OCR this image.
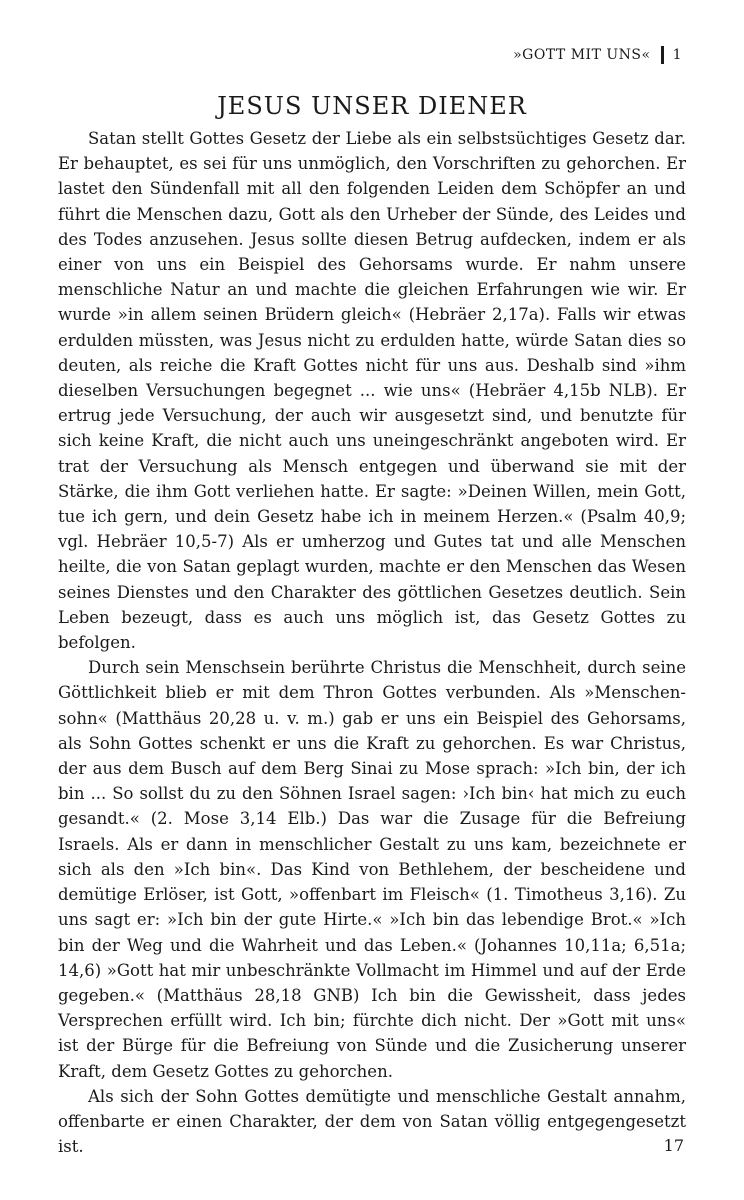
»GOTT MIT UNS« 1
JESUS UNSER DIENER

Satan stellt Gottes Gesetz der Liebe als ein selbstsüchtiges Gesetz dar. Er behauptet, es sei für uns unmöglich, den Vorschriften zu gehorchen. Er lastet den Sündenfall mit all den folgenden Leiden dem Schöpfer an und führt die Menschen dazu, Gott als den Urheber der Sünde, des Leides und des Todes anzusehen. Jesus sollte diesen Betrug aufdecken, indem er als einer von uns ein Beispiel des Gehorsams wurde. Er nahm unsere menschliche Natur an und machte die gleichen Erfahrungen wie wir. Er wurde »in allem seinen Brüdern gleich« (Hebräer 2,17a). Falls wir etwas erdulden müssten, was Jesus nicht zu erdulden hatte, würde Satan dies so deuten, als reiche die Kraft Gottes nicht für uns aus. Deshalb sind »ihm dieselben Versuchungen begegnet ... wie uns« (Hebräer 4,15b NLB). Er ertrug jede Versuchung, der auch wir ausgesetzt sind, und benutzte für sich keine Kraft, die nicht auch uns uneingeschränkt angeboten wird. Er trat der Versuchung als Mensch entgegen und überwand sie mit der Stärke, die ihm Gott verliehen hatte. Er sagte: »Deinen Willen, mein Gott, tue ich gern, und dein Gesetz habe ich in meinem Herzen.« (Psalm 40,9; vgl. Hebräer 10,5-7) Als er umherzog und Gutes tat und alle Menschen heilte, die von Satan geplagt wurden, machte er den Menschen das Wesen seines Dienstes und den Charakter des göttlichen Gesetzes deutlich. Sein Leben bezeugt, dass es auch uns möglich ist, das Gesetz Gottes zu befolgen.

Durch sein Menschsein berührte Christus die Menschheit, durch seine Göttlichkeit blieb er mit dem Thron Gottes verbunden. Als »Menschensohn« (Matthäus 20,28 u. v. m.) gab er uns ein Beispiel des Gehorsams, als Sohn Gottes schenkt er uns die Kraft zu gehorchen. Es war Christus, der aus dem Busch auf dem Berg Sinai zu Mose sprach: »Ich bin, der ich bin ... So sollst du zu den Söhnen Israel sagen: ›Ich bin‹ hat mich zu euch gesandt.« (2. Mose 3,14 Elb.) Das war die Zusage für die Befreiung Israels. Als er dann in menschlicher Gestalt zu uns kam, bezeichnete er sich als den »Ich bin«. Das Kind von Bethlehem, der bescheidene und demütige Erlöser, ist Gott, »offenbart im Fleisch« (1. Timotheus 3,16). Zu uns sagt er: »Ich bin der gute Hirte.« »Ich bin das lebendige Brot.« »Ich bin der Weg und die Wahrheit und das Leben.« (Johannes 10,11a; 6,51a; 14,6) »Gott hat mir unbeschränkte Vollmacht im Himmel und auf der Erde gegeben.« (Matthäus 28,18 GNB) Ich bin die Gewissheit, dass jedes Versprechen erfüllt wird. Ich bin; fürchte dich nicht. Der »Gott mit uns« ist der Bürge für die Befreiung von Sünde und die Zusicherung unserer Kraft, dem Gesetz Gottes zu gehorchen.

Als sich der Sohn Gottes demütigte und menschliche Gestalt annahm, offenbarte er einen Charakter, der dem von Satan völlig entgegengesetzt ist.	17
